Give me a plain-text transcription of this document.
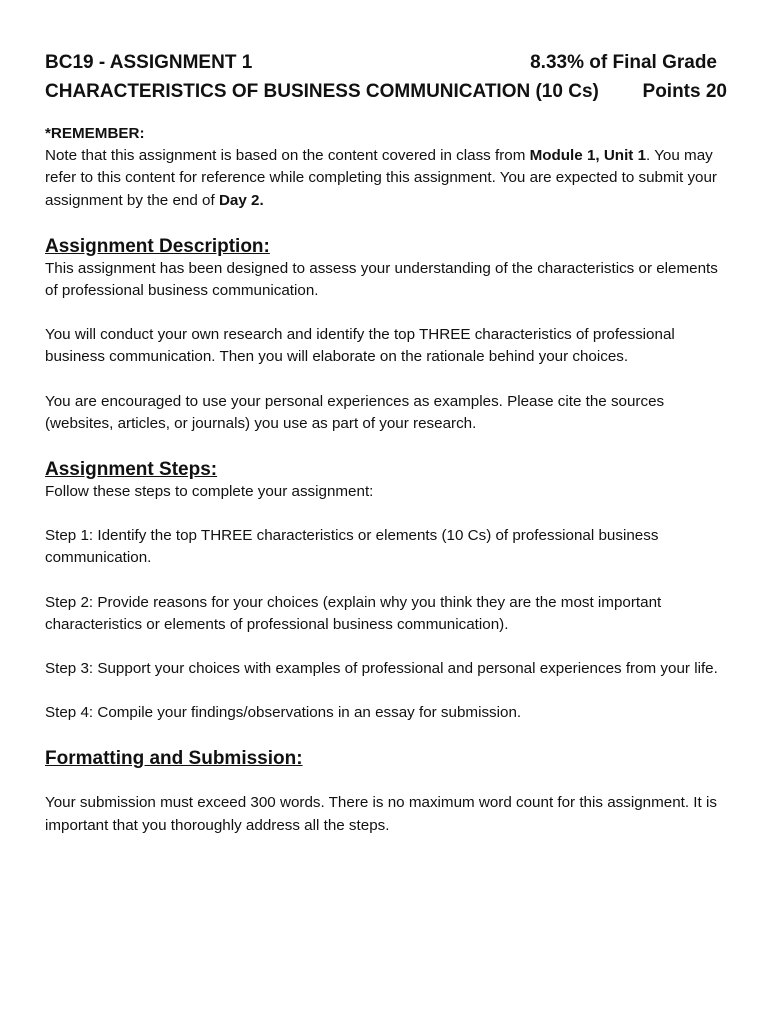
BC19 - ASSIGNMENT 1	8.33% of Final Grade
CHARACTERISTICS OF BUSINESS COMMUNICATION (10 Cs) Points 20
*REMEMBER:

Note that this assignment is based on the content covered in class from Module 1, Unit 1. You may refer to this content for reference while completing this assignment. You are expected to submit your assignment by the end of Day 2.

Assignment Description:

This assignment has been designed to assess your understanding of the characteristics or elements of professional business communication.

You will conduct your own research and identify the top THREE characteristics of professional business communication. Then you will elaborate on the rationale behind your choices.

You are encouraged to use your personal experiences as examples. Please cite the sources (websites, articles, or journals) you use as part of your research.

Assignment Steps:

Follow these steps to complete your assignment:

Step 1: Identify the top THREE characteristics or elements (10 Cs) of professional business communication.

Step 2: Provide reasons for your choices (explain why you think they are the most important characteristics or elements of professional business communication).

Step 3: Support your choices with examples of professional and personal experiences from your life.

Step 4: Compile your findings/observations in an essay for submission.

Formatting and Submission:

Your submission must exceed 300 words. There is no maximum word count for this assignment. It is important that you thoroughly address all the steps.
